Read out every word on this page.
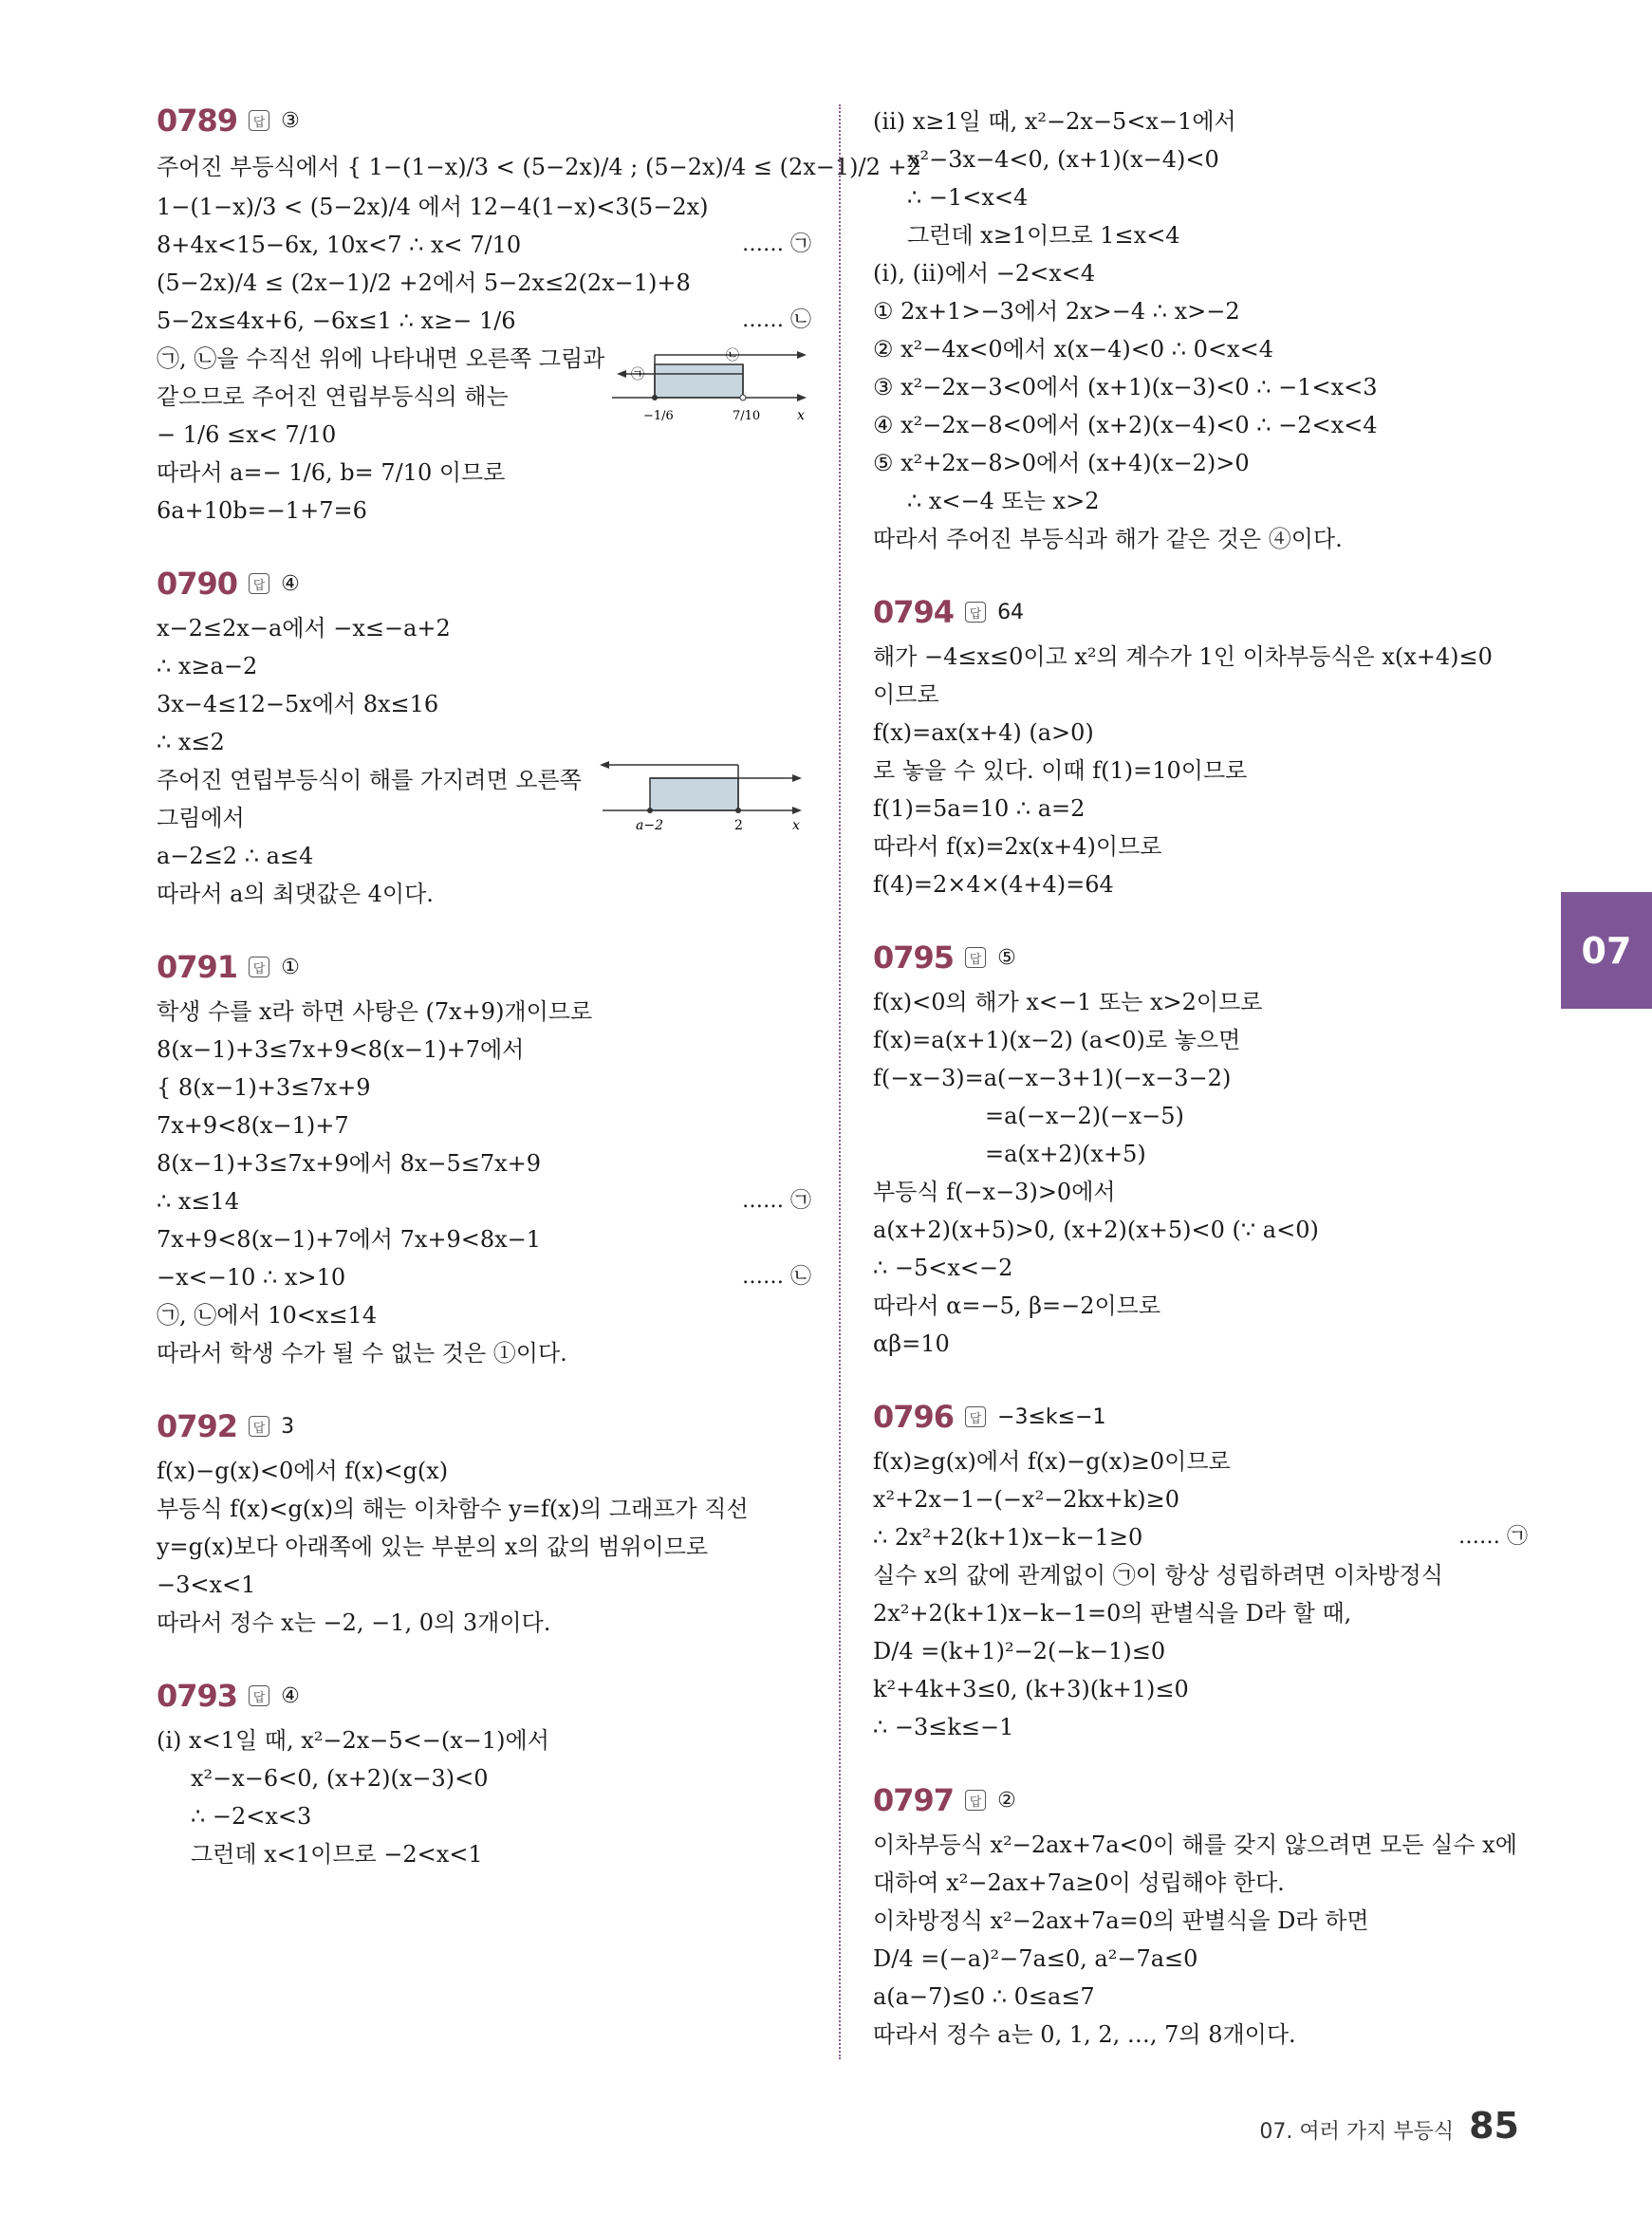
0789	답 ③
주어진 부등식에서 { 1−(1−x)/3 < (5−2x)/4 ; (5−2x)/4 ≤ (2x−1)/2 +2
1−(1−x)/3 < (5−2x)/4 에서 12−4(1−x)<3(5−2x)
8+4x<15−6x, 10x<7 ∴ x< 7/10	…… ㉠
(5−2x)/4 ≤ (2x−1)/2 +2에서 5−2x≤2(2x−1)+8
5−2x≤4x+6, −6x≤1 ∴ x≥− 1/6	…… ㉡
㉠, ㉡을 수직선 위에 나타내면 오른쪽 그림과
같으므로 주어진 연립부등식의 해는
− 1/6 ≤x< 7/10
㉠
㉡
−1/6	7/10	x
따라서 a=− 1/6, b= 7/10 이므로
6a+10b=−1+7=6
0790	답 ④
x−2≤2x−a에서 −x≤−a+2
∴ x≥a−2
3x−4≤12−5x에서 8x≤16
∴ x≤2
주어진 연립부등식이 해를 가지려면 오른쪽
그림에서
a−2≤2 ∴ a≤4
a−2	2	x
따라서 a의 최댓값은 4이다.
0791	답 ①
학생 수를 x라 하면 사탕은 (7x+9)개이므로
8(x−1)+3≤7x+9<8(x−1)+7에서
{ 8(x−1)+3≤7x+9
7x+9<8(x−1)+7
8(x−1)+3≤7x+9에서 8x−5≤7x+9
∴ x≤14	…… ㉠
7x+9<8(x−1)+7에서 7x+9<8x−1
−x<−10 ∴ x>10	…… ㉡
㉠, ㉡에서 10<x≤14
따라서 학생 수가 될 수 없는 것은 ①이다.
0792	답 3
f(x)−g(x)<0에서 f(x)<g(x)
부등식 f(x)<g(x)의 해는 이차함수 y=f(x)의 그래프가 직선
y=g(x)보다 아래쪽에 있는 부분의 x의 값의 범위이므로
−3<x<1
따라서 정수 x는 −2, −1, 0의 3개이다.
0793	답 ④
(ⅰ) x<1일 때, x²−2x−5<−(x−1)에서
x²−x−6<0, (x+2)(x−3)<0
∴ −2<x<3
그런데 x<1이므로 −2<x<1
(ⅱ) x≥1일 때, x²−2x−5<x−1에서
x²−3x−4<0, (x+1)(x−4)<0
∴ −1<x<4
그런데 x≥1이므로 1≤x<4
(ⅰ), (ⅱ)에서 −2<x<4
① 2x+1>−3에서 2x>−4 ∴ x>−2
② x²−4x<0에서 x(x−4)<0 ∴ 0<x<4
③ x²−2x−3<0에서 (x+1)(x−3)<0 ∴ −1<x<3
④ x²−2x−8<0에서 (x+2)(x−4)<0 ∴ −2<x<4
⑤ x²+2x−8>0에서 (x+4)(x−2)>0
∴ x<−4 또는 x>2
따라서 주어진 부등식과 해가 같은 것은 ④이다.
0794	답 64
해가 −4≤x≤0이고 x²의 계수가 1인 이차부등식은 x(x+4)≤0
이므로
f(x)=ax(x+4) (a>0)
로 놓을 수 있다. 이때 f(1)=10이므로
f(1)=5a=10 ∴ a=2
따라서 f(x)=2x(x+4)이므로
f(4)=2×4×(4+4)=64
0795	답 ⑤
f(x)<0의 해가 x<−1 또는 x>2이므로
f(x)=a(x+1)(x−2) (a<0)로 놓으면
f(−x−3)=a(−x−3+1)(−x−3−2)
=a(−x−2)(−x−5)
=a(x+2)(x+5)
부등식 f(−x−3)>0에서
a(x+2)(x+5)>0, (x+2)(x+5)<0 (∵ a<0)
∴ −5<x<−2
따라서 α=−5, β=−2이므로
αβ=10
0796	답 −3≤k≤−1
f(x)≥g(x)에서 f(x)−g(x)≥0이므로
x²+2x−1−(−x²−2kx+k)≥0
∴ 2x²+2(k+1)x−k−1≥0	…… ㉠
실수 x의 값에 관계없이 ㉠이 항상 성립하려면 이차방정식
2x²+2(k+1)x−k−1=0의 판별식을 D라 할 때,
D/4 =(k+1)²−2(−k−1)≤0
k²+4k+3≤0, (k+3)(k+1)≤0
∴ −3≤k≤−1
0797	답 ②
이차부등식 x²−2ax+7a<0이 해를 갖지 않으려면 모든 실수 x에
대하여 x²−2ax+7a≥0이 성립해야 한다.
이차방정식 x²−2ax+7a=0의 판별식을 D라 하면
D/4 =(−a)²−7a≤0, a²−7a≤0
a(a−7)≤0 ∴ 0≤a≤7
따라서 정수 a는 0, 1, 2, …, 7의 8개이다.
07
07. 여러 가지 부등식 85
